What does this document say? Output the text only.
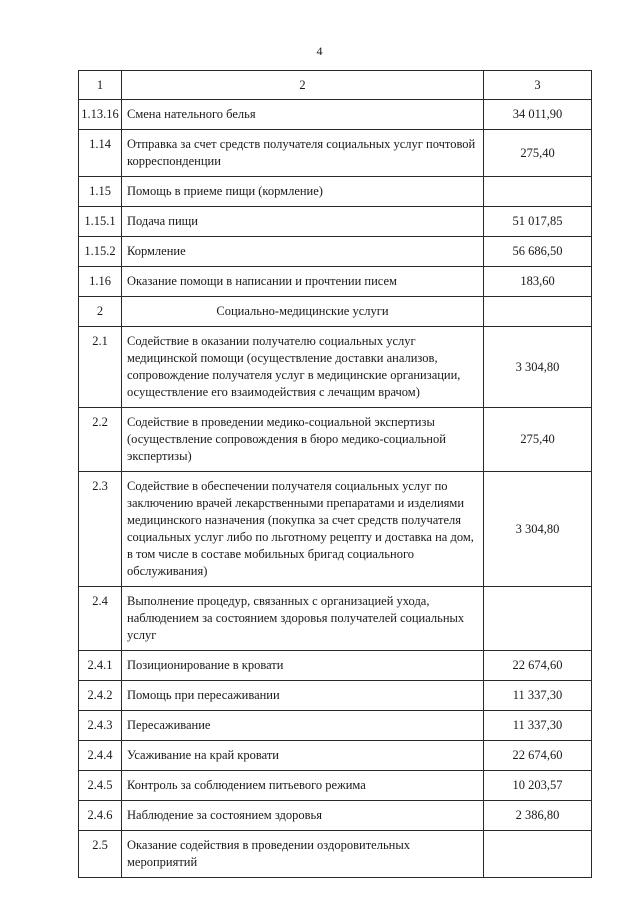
4
1	2	3
1.13.16	Смена нательного белья	34 011,90
1.14	Отправка за счет средств получателя социальных услуг почтовой корреспонденции	275,40
1.15	Помощь в приеме пищи (кормление)	
1.15.1	Подача пищи	51 017,85
1.15.2	Кормление	56 686,50
1.16	Оказание помощи в написании и прочтении писем	183,60
2	Социально-медицинские услуги	
2.1	Содействие в оказании получателю социальных услуг медицинской помощи (осуществление доставки анализов, сопровождение получателя услуг в медицинские организации, осуществление его взаимодействия с лечащим врачом)	3 304,80
2.2	Содействие в проведении медико-социальной экспертизы (осуществление сопровождения в бюро медико-социальной экспертизы)	275,40
2.3	Содействие в обеспечении получателя социальных услуг по заключению врачей лекарственными препаратами и изделиями медицинского назначения (покупка за счет средств получателя социальных услуг либо по льготному рецепту и доставка на дом, в том числе в составе мобильных бригад социального обслуживания)	3 304,80
2.4	Выполнение процедур, связанных с организацией ухода, наблюдением за состоянием здоровья получателей социальных услуг	
2.4.1	Позиционирование в кровати	22 674,60
2.4.2	Помощь при пересаживании	11 337,30
2.4.3	Пересаживание	11 337,30
2.4.4	Усаживание на край кровати	22 674,60
2.4.5	Контроль за соблюдением питьевого режима	10 203,57
2.4.6	Наблюдение за состоянием здоровья	2 386,80
2.5	Оказание содействия в проведении оздоровительных мероприятий	
